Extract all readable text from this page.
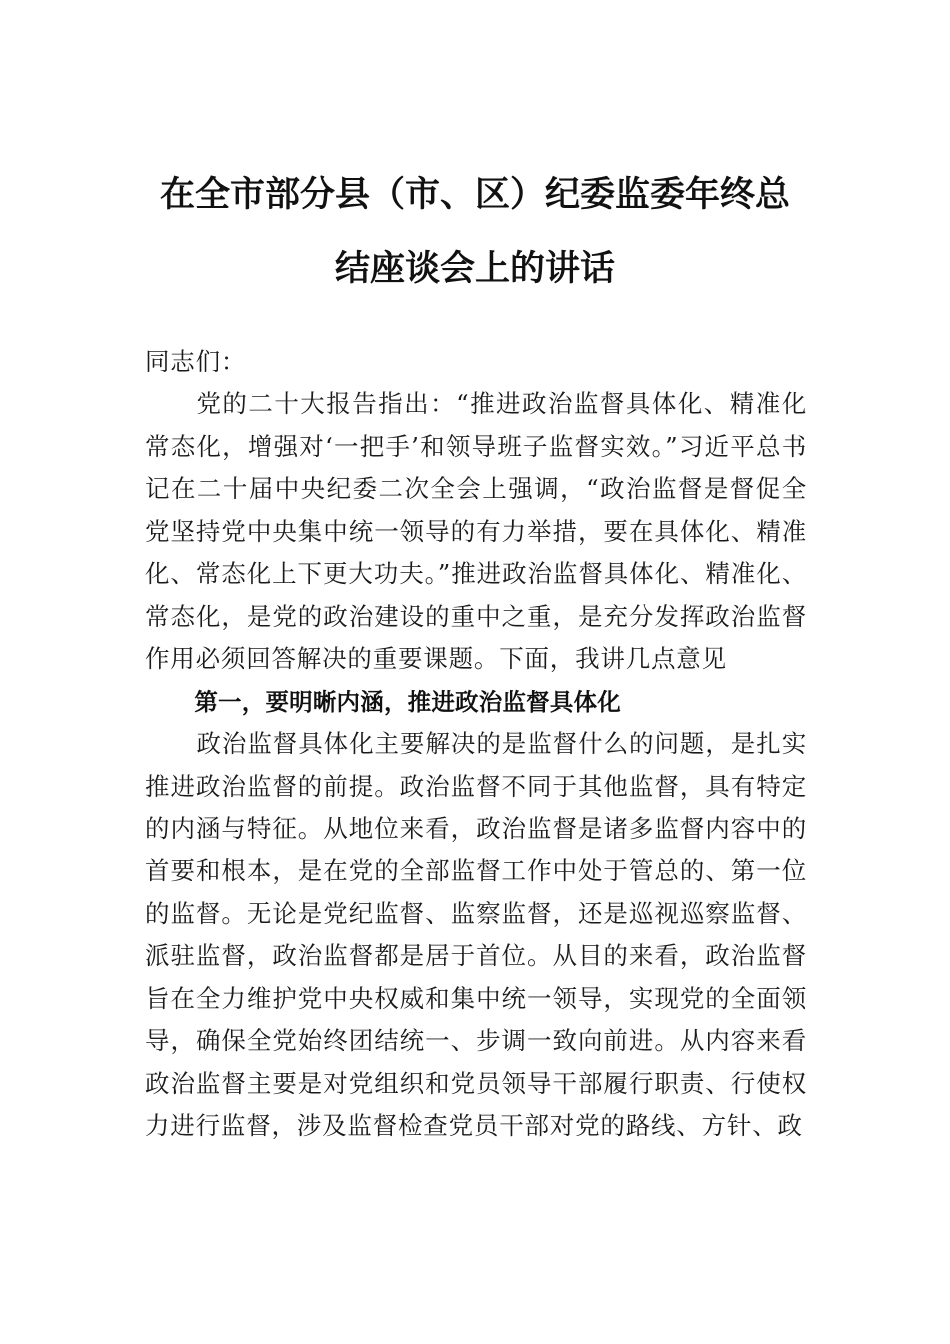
在全市部分县（市、区）纪委监委年终总
结座谈会上的讲话

同志们：

党的二十大报告指出：“推进政治监督具体化、精准化常态化，增强对‘一把手’和领导班子监督实效。”习近平总书记在二十届中央纪委二次全会上强调，“政治监督是督促全党坚持党中央集中统一领导的有力举措，要在具体化、精准化、常态化上下更大功夫。”推进政治监督具体化、精准化、常态化，是党的政治建设的重中之重，是充分发挥政治监督作用必须回答解决的重要课题。下面，我讲几点意见

第一，要明晰内涵，推进政治监督具体化

政治监督具体化主要解决的是监督什么的问题，是扎实推进政治监督的前提。政治监督不同于其他监督，具有特定的内涵与特征。从地位来看，政治监督是诸多监督内容中的首要和根本，是在党的全部监督工作中处于管总的、第一位的监督。无论是党纪监督、监察监督，还是巡视巡察监督、派驻监督，政治监督都是居于首位。从目的来看，政治监督旨在全力维护党中央权威和集中统一领导，实现党的全面领导，确保全党始终团结统一、步调一致向前进。从内容来看政治监督主要是对党组织和党员领导干部履行职责、行使权力进行监督，涉及监督检查党员干部对党的路线、方针、政
